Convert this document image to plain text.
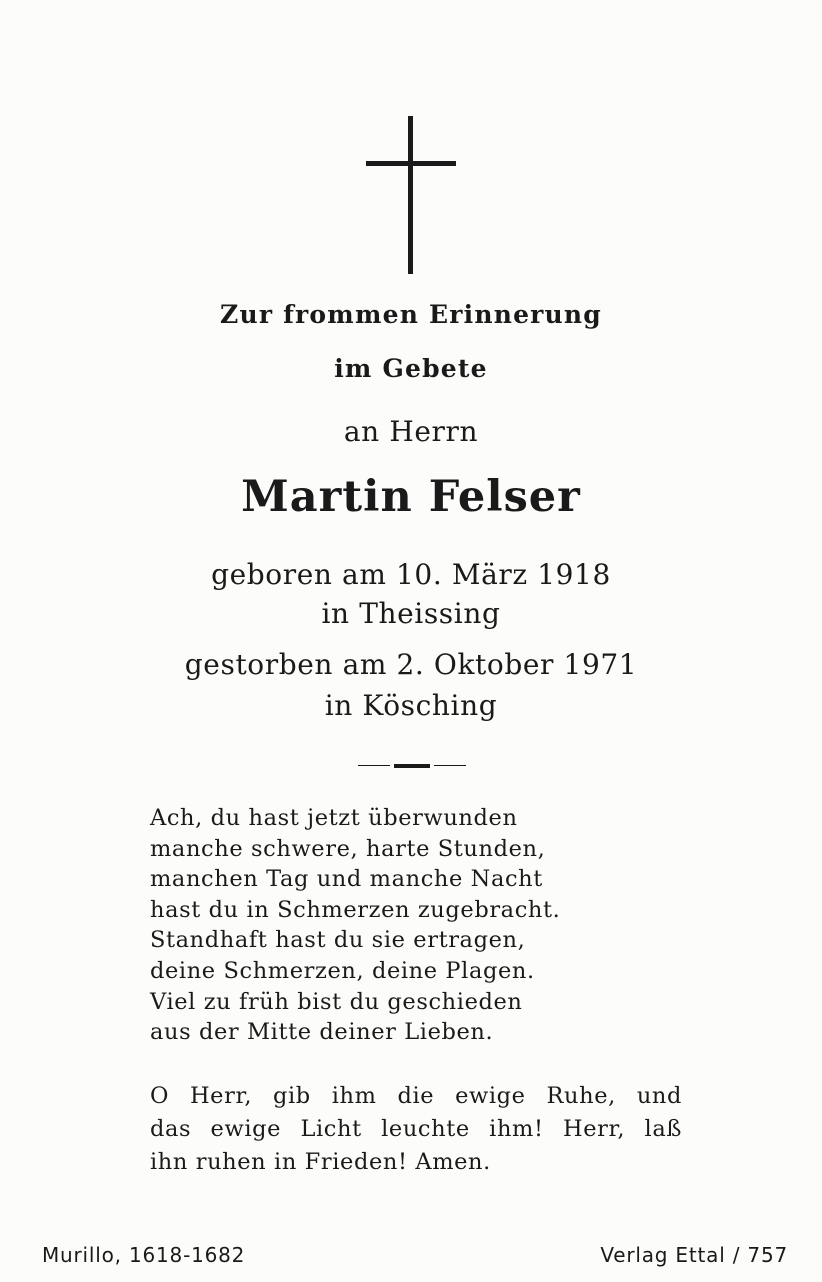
Zur frommen Erinnerung
im Gebete
an Herrn
Martin Felser
geboren am 10. März 1918
in Theissing
gestorben am 2. Oktober 1971
in Kösching
Ach, du hast jetzt überwunden
manche schwere, harte Stunden,
manchen Tag und manche Nacht
hast du in Schmerzen zugebracht.
Standhaft hast du sie ertragen,
deine Schmerzen, deine Plagen.
Viel zu früh bist du geschieden
aus der Mitte deiner Lieben.
O Herr, gib ihm die ewige Ruhe, und
das ewige Licht leuchte ihm! Herr, laß
ihn ruhen in Frieden! Amen.
Murillo, 1618-1682	Verlag Ettal / 757
